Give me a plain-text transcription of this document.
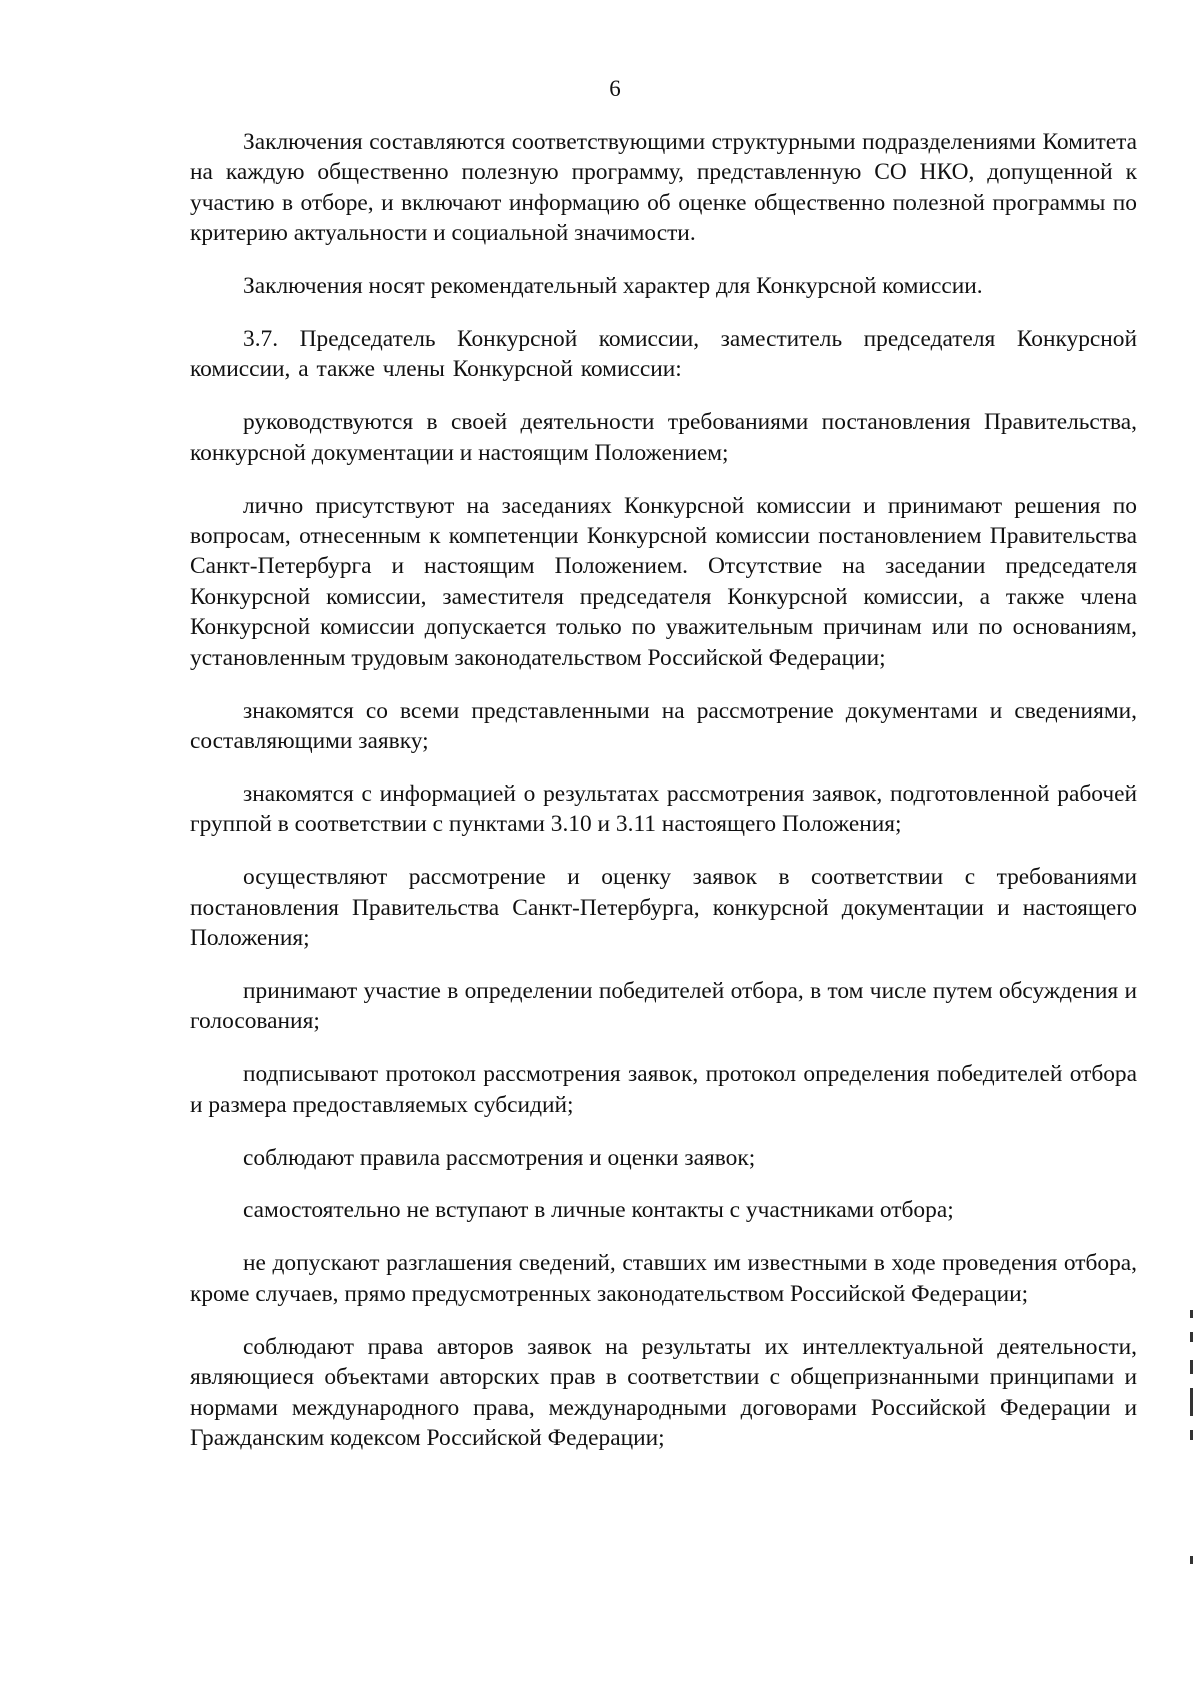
6

Заключения составляются соответствующими структурными подразделениями Комитета на каждую общественно полезную программу, представленную СО НКО, допущенной к участию в отборе, и включают информацию об оценке общественно полезной программы по критерию актуальности и социальной значимости.

Заключения носят рекомендательный характер для Конкурсной комиссии.

3.7. Председатель Конкурсной комиссии, заместитель председателя Конкурсной комиссии, а также члены Конкурсной комиссии:

руководствуются в своей деятельности требованиями постановления Правительства, конкурсной документации и настоящим Положением;

лично присутствуют на заседаниях Конкурсной комиссии и принимают решения по вопросам, отнесенным к компетенции Конкурсной комиссии постановлением Правительства Санкт-Петербурга и настоящим Положением. Отсутствие на заседании председателя Конкурсной комиссии, заместителя председателя Конкурсной комиссии, а также члена Конкурсной комиссии допускается только по уважительным причинам или по основаниям, установленным трудовым законодательством Российской Федерации;

знакомятся со всеми представленными на рассмотрение документами и сведениями, составляющими заявку;

знакомятся с информацией о результатах рассмотрения заявок, подготовленной рабочей группой в соответствии с пунктами 3.10 и 3.11 настоящего Положения;

осуществляют рассмотрение и оценку заявок в соответствии с требованиями постановления Правительства Санкт-Петербурга, конкурсной документации и настоящего Положения;

принимают участие в определении победителей отбора, в том числе путем обсуждения и голосования;

подписывают протокол рассмотрения заявок, протокол определения победителей отбора и размера предоставляемых субсидий;

соблюдают правила рассмотрения и оценки заявок;

самостоятельно не вступают в личные контакты с участниками отбора;

не допускают разглашения сведений, ставших им известными в ходе проведения отбора, кроме случаев, прямо предусмотренных законодательством Российской Федерации;

соблюдают права авторов заявок на результаты их интеллектуальной деятельности, являющиеся объектами авторских прав в соответствии с общепризнанными принципами и нормами международного права, международными договорами Российской Федерации и Гражданским кодексом Российской Федерации;
